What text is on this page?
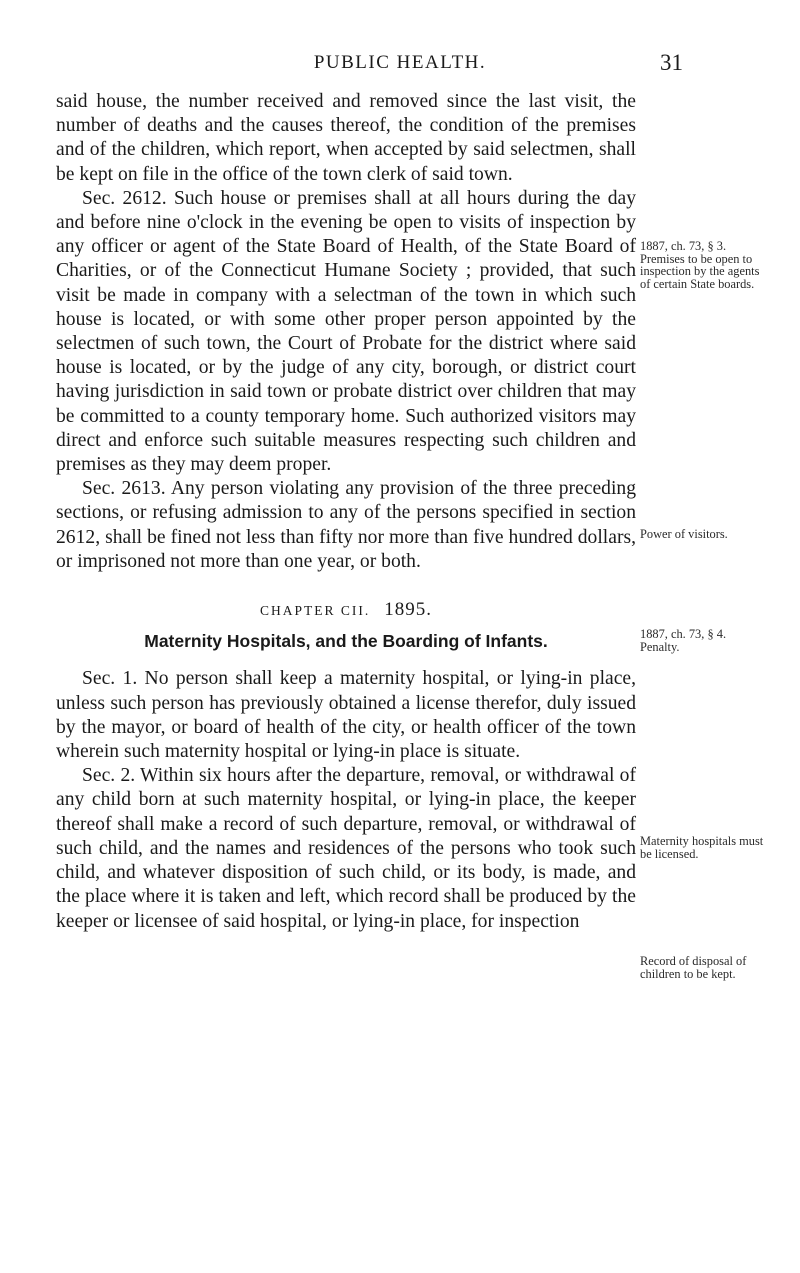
PUBLIC HEALTH.	31

said house, the number received and removed since the last visit, the number of deaths and the causes thereof, the condition of the premises and of the children, which report, when accepted by said selectmen, shall be kept on file in the office of the town clerk of said town.

Sec. 2612. Such house or premises shall at all hours during the day and before nine o'clock in the evening be open to visits of inspection by any officer or agent of the State Board of Health, of the State Board of Charities, or of the Connecticut Humane Society ; provided, that such visit be made in company with a selectman of the town in which such house is located, or with some other proper person appointed by the selectmen of such town, the Court of Probate for the district where said house is located, or by the judge of any city, borough, or district court having jurisdiction in said town or probate district over children that may be committed to a county temporary home. Such authorized visitors may direct and enforce such suitable measures respecting such children and premises as they may deem proper.

Sec. 2613. Any person violating any provision of the three preceding sections, or refusing admission to any of the persons specified in section 2612, shall be fined not less than fifty nor more than five hundred dollars, or imprisoned not more than one year, or both.

CHAPTER CII. 1895.
Maternity Hospitals, and the Boarding of Infants.

Sec. 1. No person shall keep a maternity hospital, or lying-in place, unless such person has previously obtained a license therefor, duly issued by the mayor, or board of health of the city, or health officer of the town wherein such maternity hospital or lying-in place is situate.

Sec. 2. Within six hours after the departure, removal, or withdrawal of any child born at such maternity hospital, or lying-in place, the keeper thereof shall make a record of such departure, removal, or withdrawal of such child, and the names and residences of the persons who took such child, and whatever disposition of such child, or its body, is made, and the place where it is taken and left, which record shall be produced by the keeper or licensee of said hospital, or lying-in place, for inspection

1887, ch. 73, § 3. Premises to be open to inspection by the agents of certain State boards.
Power of visitors.
1887, ch. 73, § 4. Penalty.
Maternity hospitals must be licensed.
Record of disposal of children to be kept.
